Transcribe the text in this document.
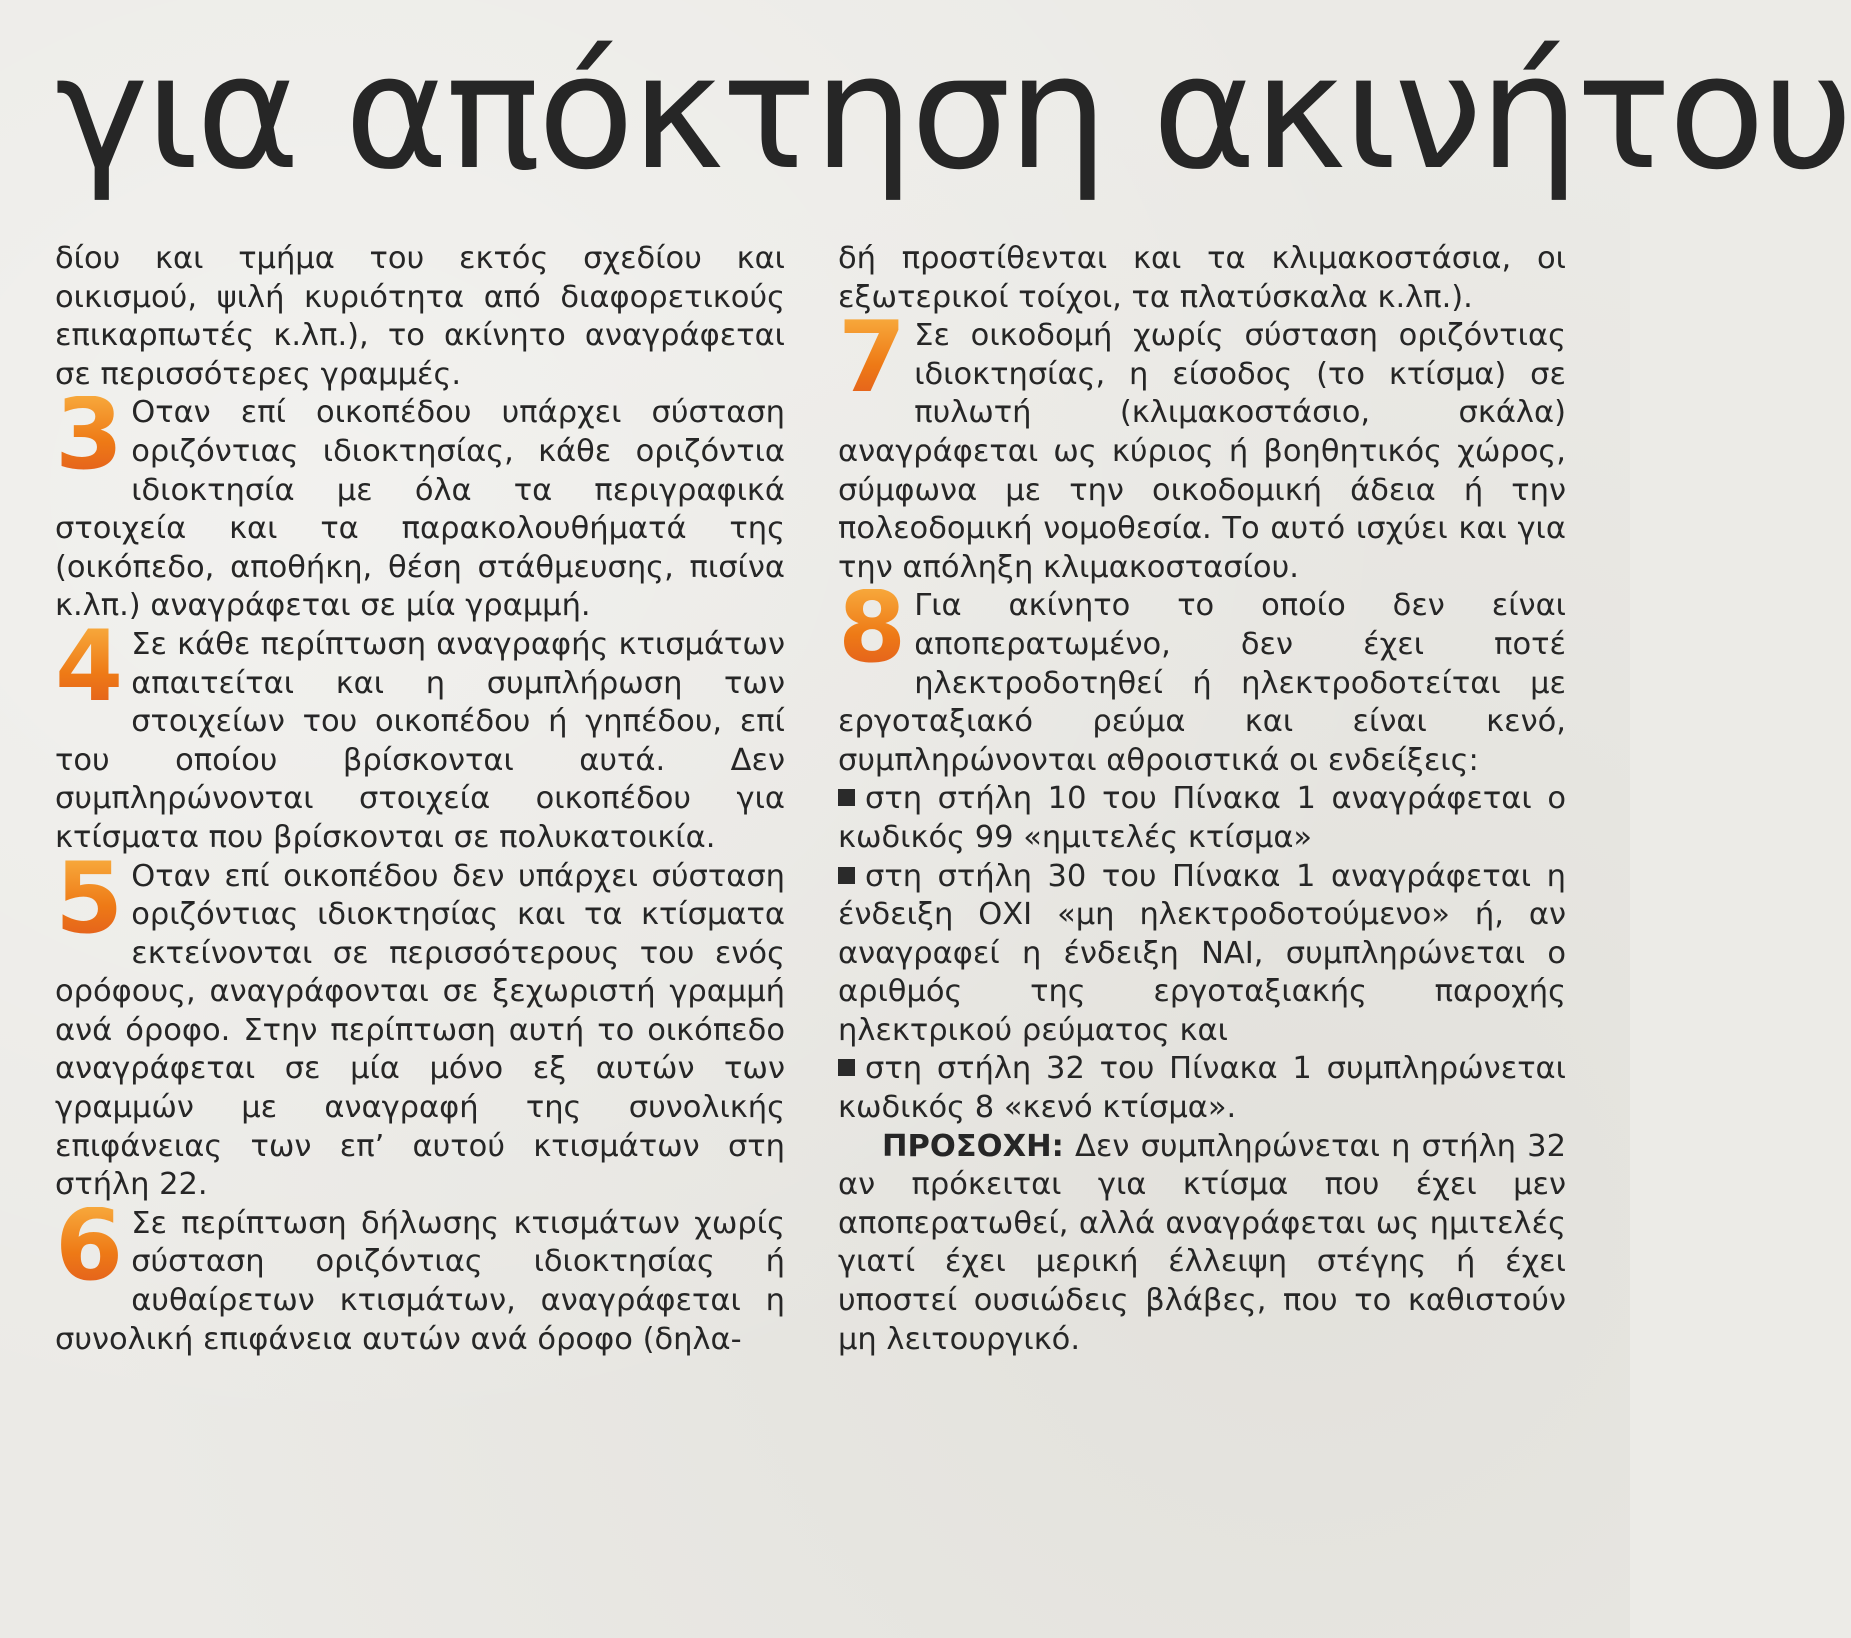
για απόκτηση ακινήτου

δίου και τμήμα του εκτός σχεδίου και οικισμού, ψιλή κυριότητα από διαφορετικούς επικαρπωτές κ.λπ.), το ακίνητο αναγράφεται σε περισσότερες γραμμές.

3 Οταν επί οικοπέδου υπάρχει σύσταση οριζόντιας ιδιοκτησίας, κάθε οριζόντια ιδιοκτησία με όλα τα περιγραφικά στοιχεία και τα παρακολουθήματά της (οικόπεδο, αποθήκη, θέση στάθμευσης, πισίνα κ.λπ.) αναγράφεται σε μία γραμμή.
4 Σε κάθε περίπτωση αναγραφής κτισμάτων απαιτείται και η συμπλήρωση των στοιχείων του οικοπέδου ή γηπέδου, επί του οποίου βρίσκονται αυτά. Δεν συμπληρώνονται στοιχεία οικοπέδου για κτίσματα που βρίσκονται σε πολυκατοικία.
5 Οταν επί οικοπέδου δεν υπάρχει σύσταση οριζόντιας ιδιοκτησίας και τα κτίσματα εκτείνονται σε περισσότερους του ενός ορόφους, αναγράφονται σε ξεχωριστή γραμμή ανά όροφο. Στην περίπτωση αυτή το οικόπεδο αναγράφεται σε μία μόνο εξ αυτών των γραμμών με αναγραφή της συνολικής επιφάνειας των επ’ αυτού κτισμάτων στη στήλη 22.
6 Σε περίπτωση δήλωσης κτισμάτων χωρίς σύσταση οριζόντιας ιδιοκτησίας ή αυθαίρετων κτισμάτων, αναγράφεται η συνολική επιφάνεια αυτών ανά όροφο (δηλα-

δή προστίθενται και τα κλιμακοστάσια, οι εξωτερικοί τοίχοι, τα πλατύσκαλα κ.λπ.).

7 Σε οικοδομή χωρίς σύσταση οριζόντιας ιδιοκτησίας, η είσοδος (το κτίσμα) σε πυλωτή (κλιμακοστάσιο, σκάλα) αναγράφεται ως κύριος ή βοηθητικός χώρος, σύμφωνα με την οικοδομική άδεια ή την πολεοδομική νομοθεσία. Το αυτό ισχύει και για την απόληξη κλιμακοστασίου.
8 Για ακίνητο το οποίο δεν είναι αποπερατωμένο, δεν έχει ποτέ ηλεκτροδοτηθεί ή ηλεκτροδοτείται με εργοταξιακό ρεύμα και είναι κενό, συμπληρώνονται αθροιστικά οι ενδείξεις:

στη στήλη 10 του Πίνακα 1 αναγράφεται ο κωδικός 99 «ημιτελές κτίσμα»

στη στήλη 30 του Πίνακα 1 αναγράφεται η ένδειξη ΟΧΙ «μη ηλεκτροδοτούμενο» ή, αν αναγραφεί η ένδειξη ΝΑΙ, συμπληρώνεται ο αριθμός της εργοταξιακής παροχής ηλεκτρικού ρεύματος και

στη στήλη 32 του Πίνακα 1 συμπληρώνεται κωδικός 8 «κενό κτίσμα».

ΠΡΟΣΟΧΗ: Δεν συμπληρώνεται η στήλη 32 αν πρόκειται για κτίσμα που έχει μεν αποπερατωθεί, αλλά αναγράφεται ως ημιτελές γιατί έχει μερική έλλειψη στέγης ή έχει υποστεί ουσιώδεις βλάβες, που το καθιστούν μη λειτουργικό.
